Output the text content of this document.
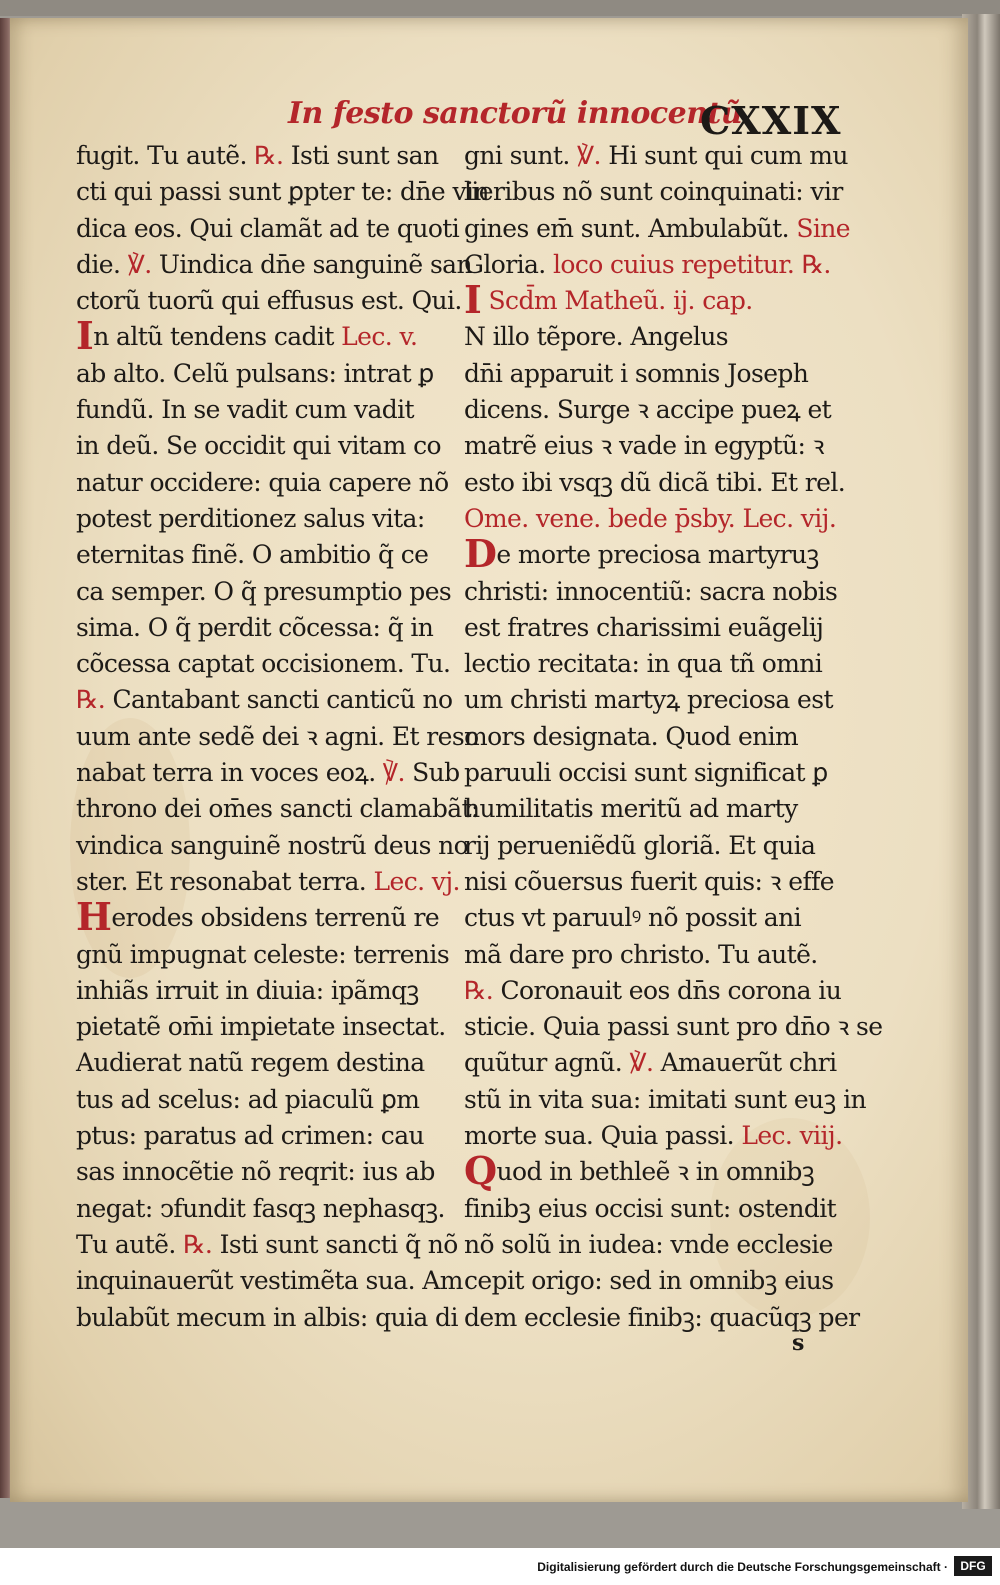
In festo sanctorũ innocentũ
CXXIX
fugit. Tu autẽ. ℞. Isti sunt san
cti qui passi sunt ꝑpter te: dn̄e vin
dica eos. Qui clamãt ad te quoti
die. ℣. Uindica dn̄e sanguinẽ san
ctorũ tuorũ qui effusus est. Qui.
In altũ tendens cadit Lec. v.
ab alto. Celũ pulsans: intrat ꝑ
fundũ. In se vadit cum vadit
in deũ. Se occidit qui vitam co
natur occidere: quia capere nõ
potest perditionez salus vita:
eternitas finẽ. O ambitio q̃ ce
ca semper. O q̃ presumptio pes
sima. O q̃ perdit cõcessa: q̃ in
cõcessa captat occisionem. Tu.
℞. Cantabant sancti canticũ no
uum ante sedẽ dei ꝛ agni. Et reso
nabat terra in voces eoꝝ. ℣. Sub
throno dei om̄es sancti clamabãt:
vindica sanguinẽ nostrũ deus no
ster. Et resonabat terra. Lec. vj.
Herodes obsidens terrenũ re
gnũ impugnat celeste: terrenis
inhiãs irruit in diuia: ipãmqꝫ
pietatẽ om̄i impietate insectat.
Audierat natũ regem destina
tus ad scelus: ad piaculũ ꝑm
ptus: paratus ad crimen: cau
sas innocẽtie nõ reqrit: ius ab
negat: ↄfundit fasqꝫ nephasqꝫ.
Tu autẽ. ℞. Isti sunt sancti q̃ nõ
inquinauerũt vestimẽta sua. Am
bulabũt mecum in albis: quia di
gni sunt. ℣. Hi sunt qui cum mu
lieribus nõ sunt coinquinati: vir
gines em̄ sunt. Ambulabũt. Sine
Gloria. loco cuius repetitur. ℞.
I Scd̄m Matheũ. ij. cap.
N illo tẽpore. Angelus
dn̄i apparuit i somnis Joseph
dicens. Surge ꝛ accipe pueꝝ et
matrẽ eius ꝛ vade in egyptũ: ꝛ
esto ibi vsqꝫ dũ dicã tibi. Et rel.
Ome. vene. bede p̄sby. Lec. vij.
De morte preciosa martyruꝫ
christi: innocentiũ: sacra nobis
est fratres charissimi euãgelij
lectio recitata: in qua tñ omni
um christi martyꝝ preciosa est
mors designata. Quod enim
paruuli occisi sunt significat ꝑ
humilitatis meritũ ad marty
rij perueniẽdũ gloriã. Et quia
nisi cõuersus fuerit quis: ꝛ effe
ctus vt paruulꝰ nõ possit ani
mã dare pro christo. Tu autẽ.
℞. Coronauit eos dn̄s corona iu
sticie. Quia passi sunt pro dn̄o ꝛ se
quũtur agnũ. ℣. Amauerũt chri
stũ in vita sua: imitati sunt euꝫ in
morte sua. Quia passi. Lec. viij.
Quod in bethleẽ ꝛ in omnibꝫ
finibꝫ eius occisi sunt: ostendit
nõ solũ in iudea: vnde ecclesie
cepit origo: sed in omnibꝫ eius
dem ecclesie finibꝫ: quacũqꝫ per
s
Digitalisierung gefördert durch die Deutsche Forschungsgemeinschaft ·	DFG
